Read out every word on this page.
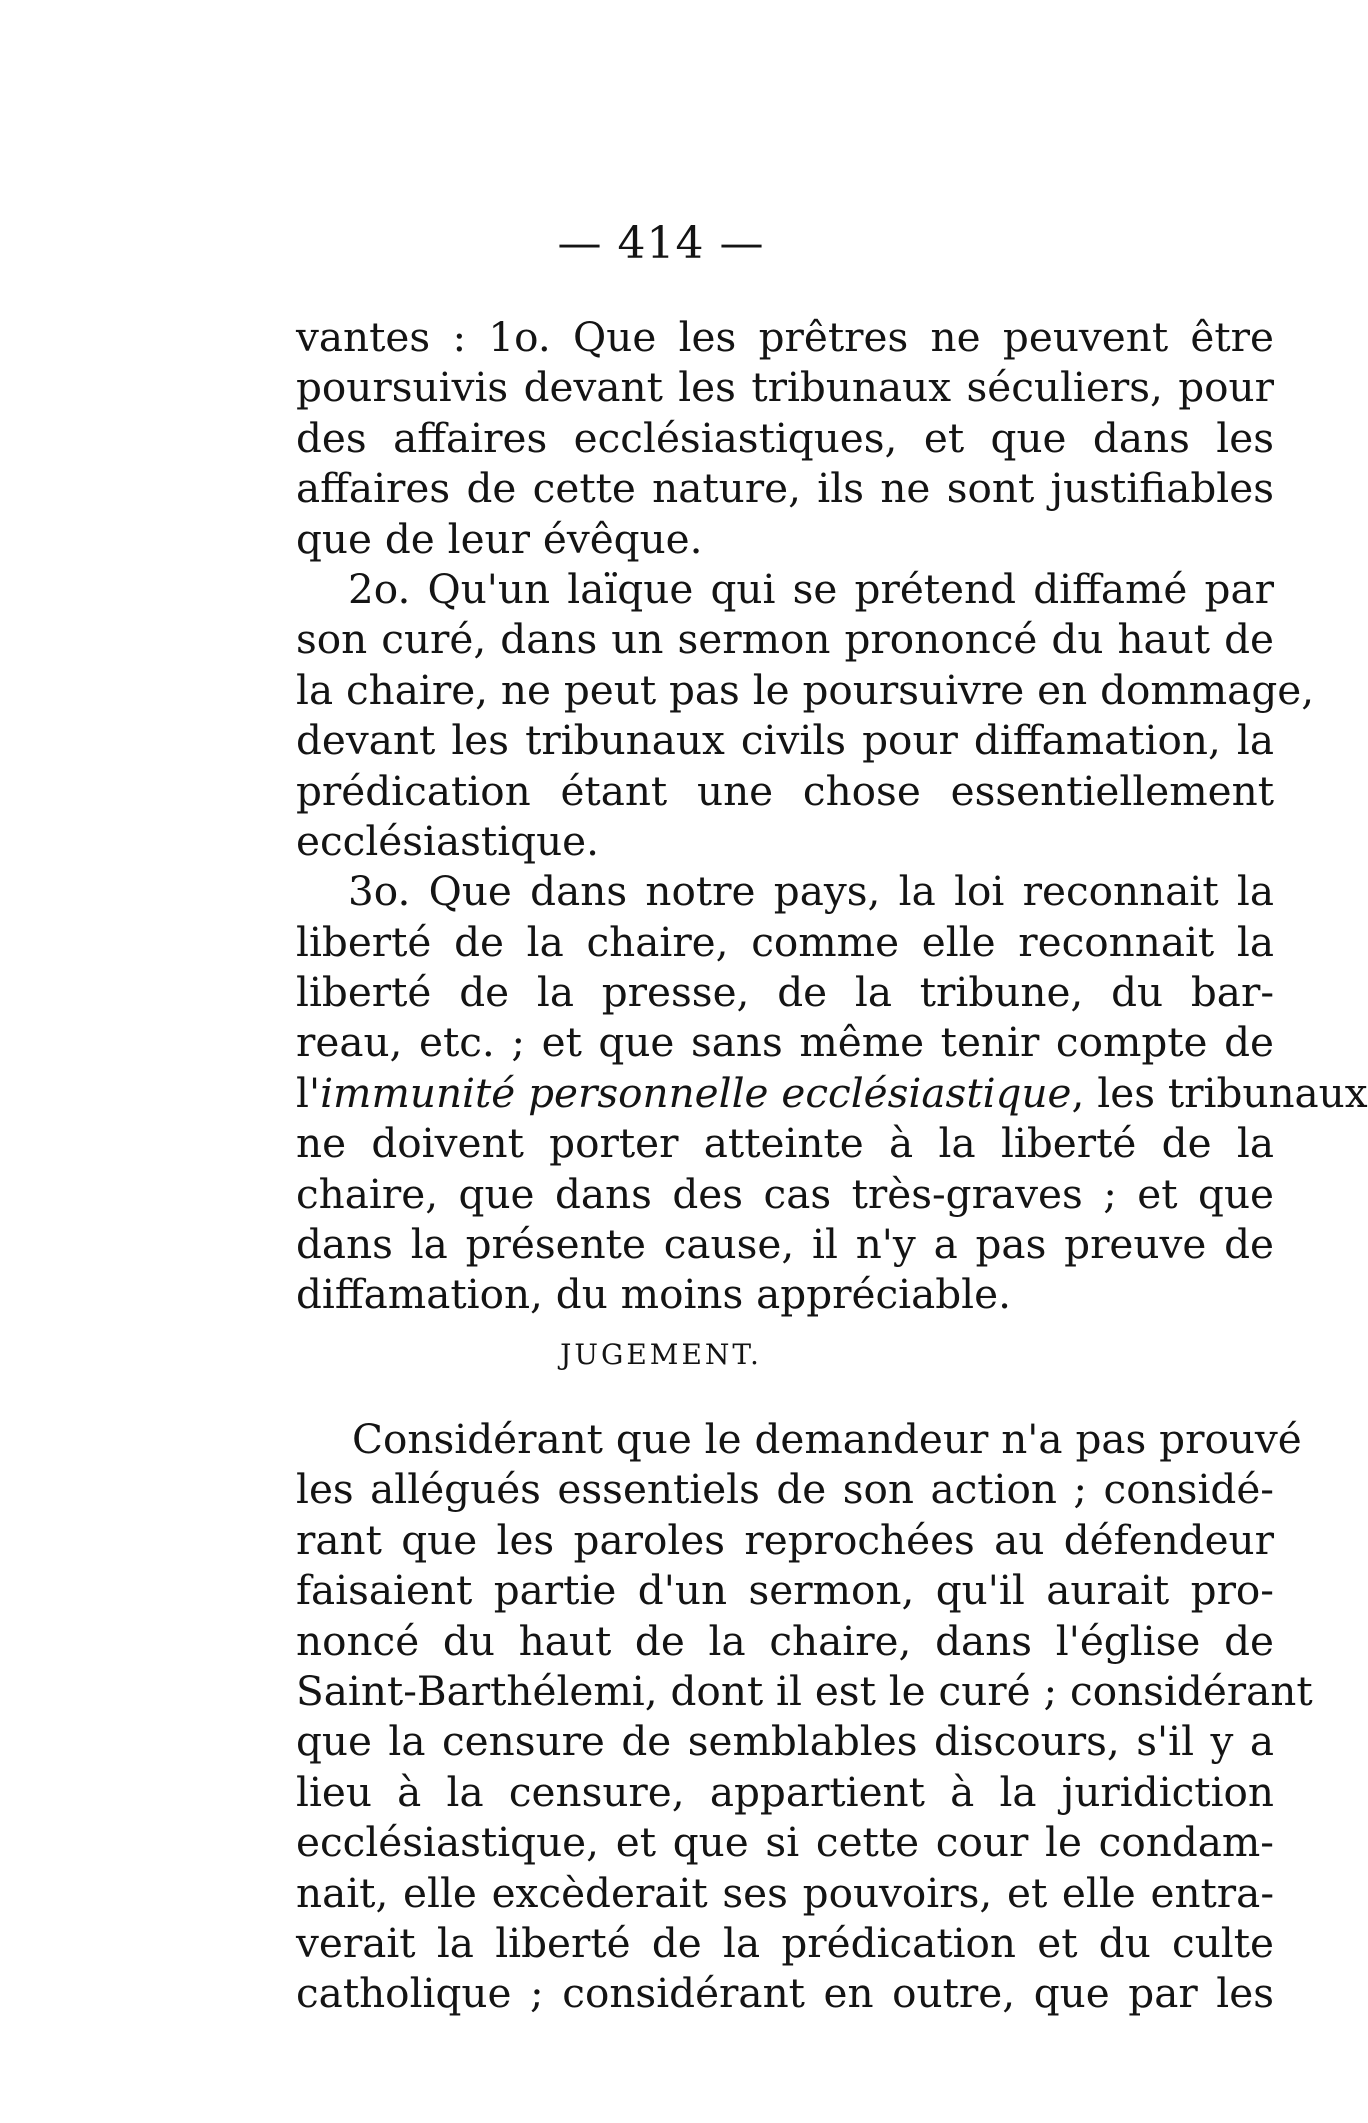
— 414 —
vantes : 1o. Que les prêtres ne peuvent être
poursuivis devant les tribunaux séculiers, pour
des affaires ecclésiastiques, et que dans les
affaires de cette nature, ils ne sont justifiables
que de leur évêque.
2o. Qu'un laïque qui se prétend diffamé par
son curé, dans un sermon prononcé du haut de
la chaire, ne peut pas le poursuivre en dommage,
devant les tribunaux civils pour diffamation, la
prédication étant une chose essentiellement
ecclésiastique.
3o. Que dans notre pays, la loi reconnait la
liberté de la chaire, comme elle reconnait la
liberté de la presse, de la tribune, du bar-
reau, etc. ; et que sans même tenir compte de
l'immunité personnelle ecclésiastique, les tribunaux
ne doivent porter atteinte à la liberté de la
chaire, que dans des cas très-graves ; et que
dans la présente cause, il n'y a pas preuve de
diffamation, du moins appréciable.
JUGEMENT.
Considérant que le demandeur n'a pas prouvé
les allégués essentiels de son action ; considé-
rant que les paroles reprochées au défendeur
faisaient partie d'un sermon, qu'il aurait pro-
noncé du haut de la chaire, dans l'église de
Saint-Barthélemi, dont il est le curé ; considérant
que la censure de semblables discours, s'il y a
lieu à la censure, appartient à la juridiction
ecclésiastique, et que si cette cour le condam-
nait, elle excèderait ses pouvoirs, et elle entra-
verait la liberté de la prédication et du culte
catholique ; considérant en outre, que par les
